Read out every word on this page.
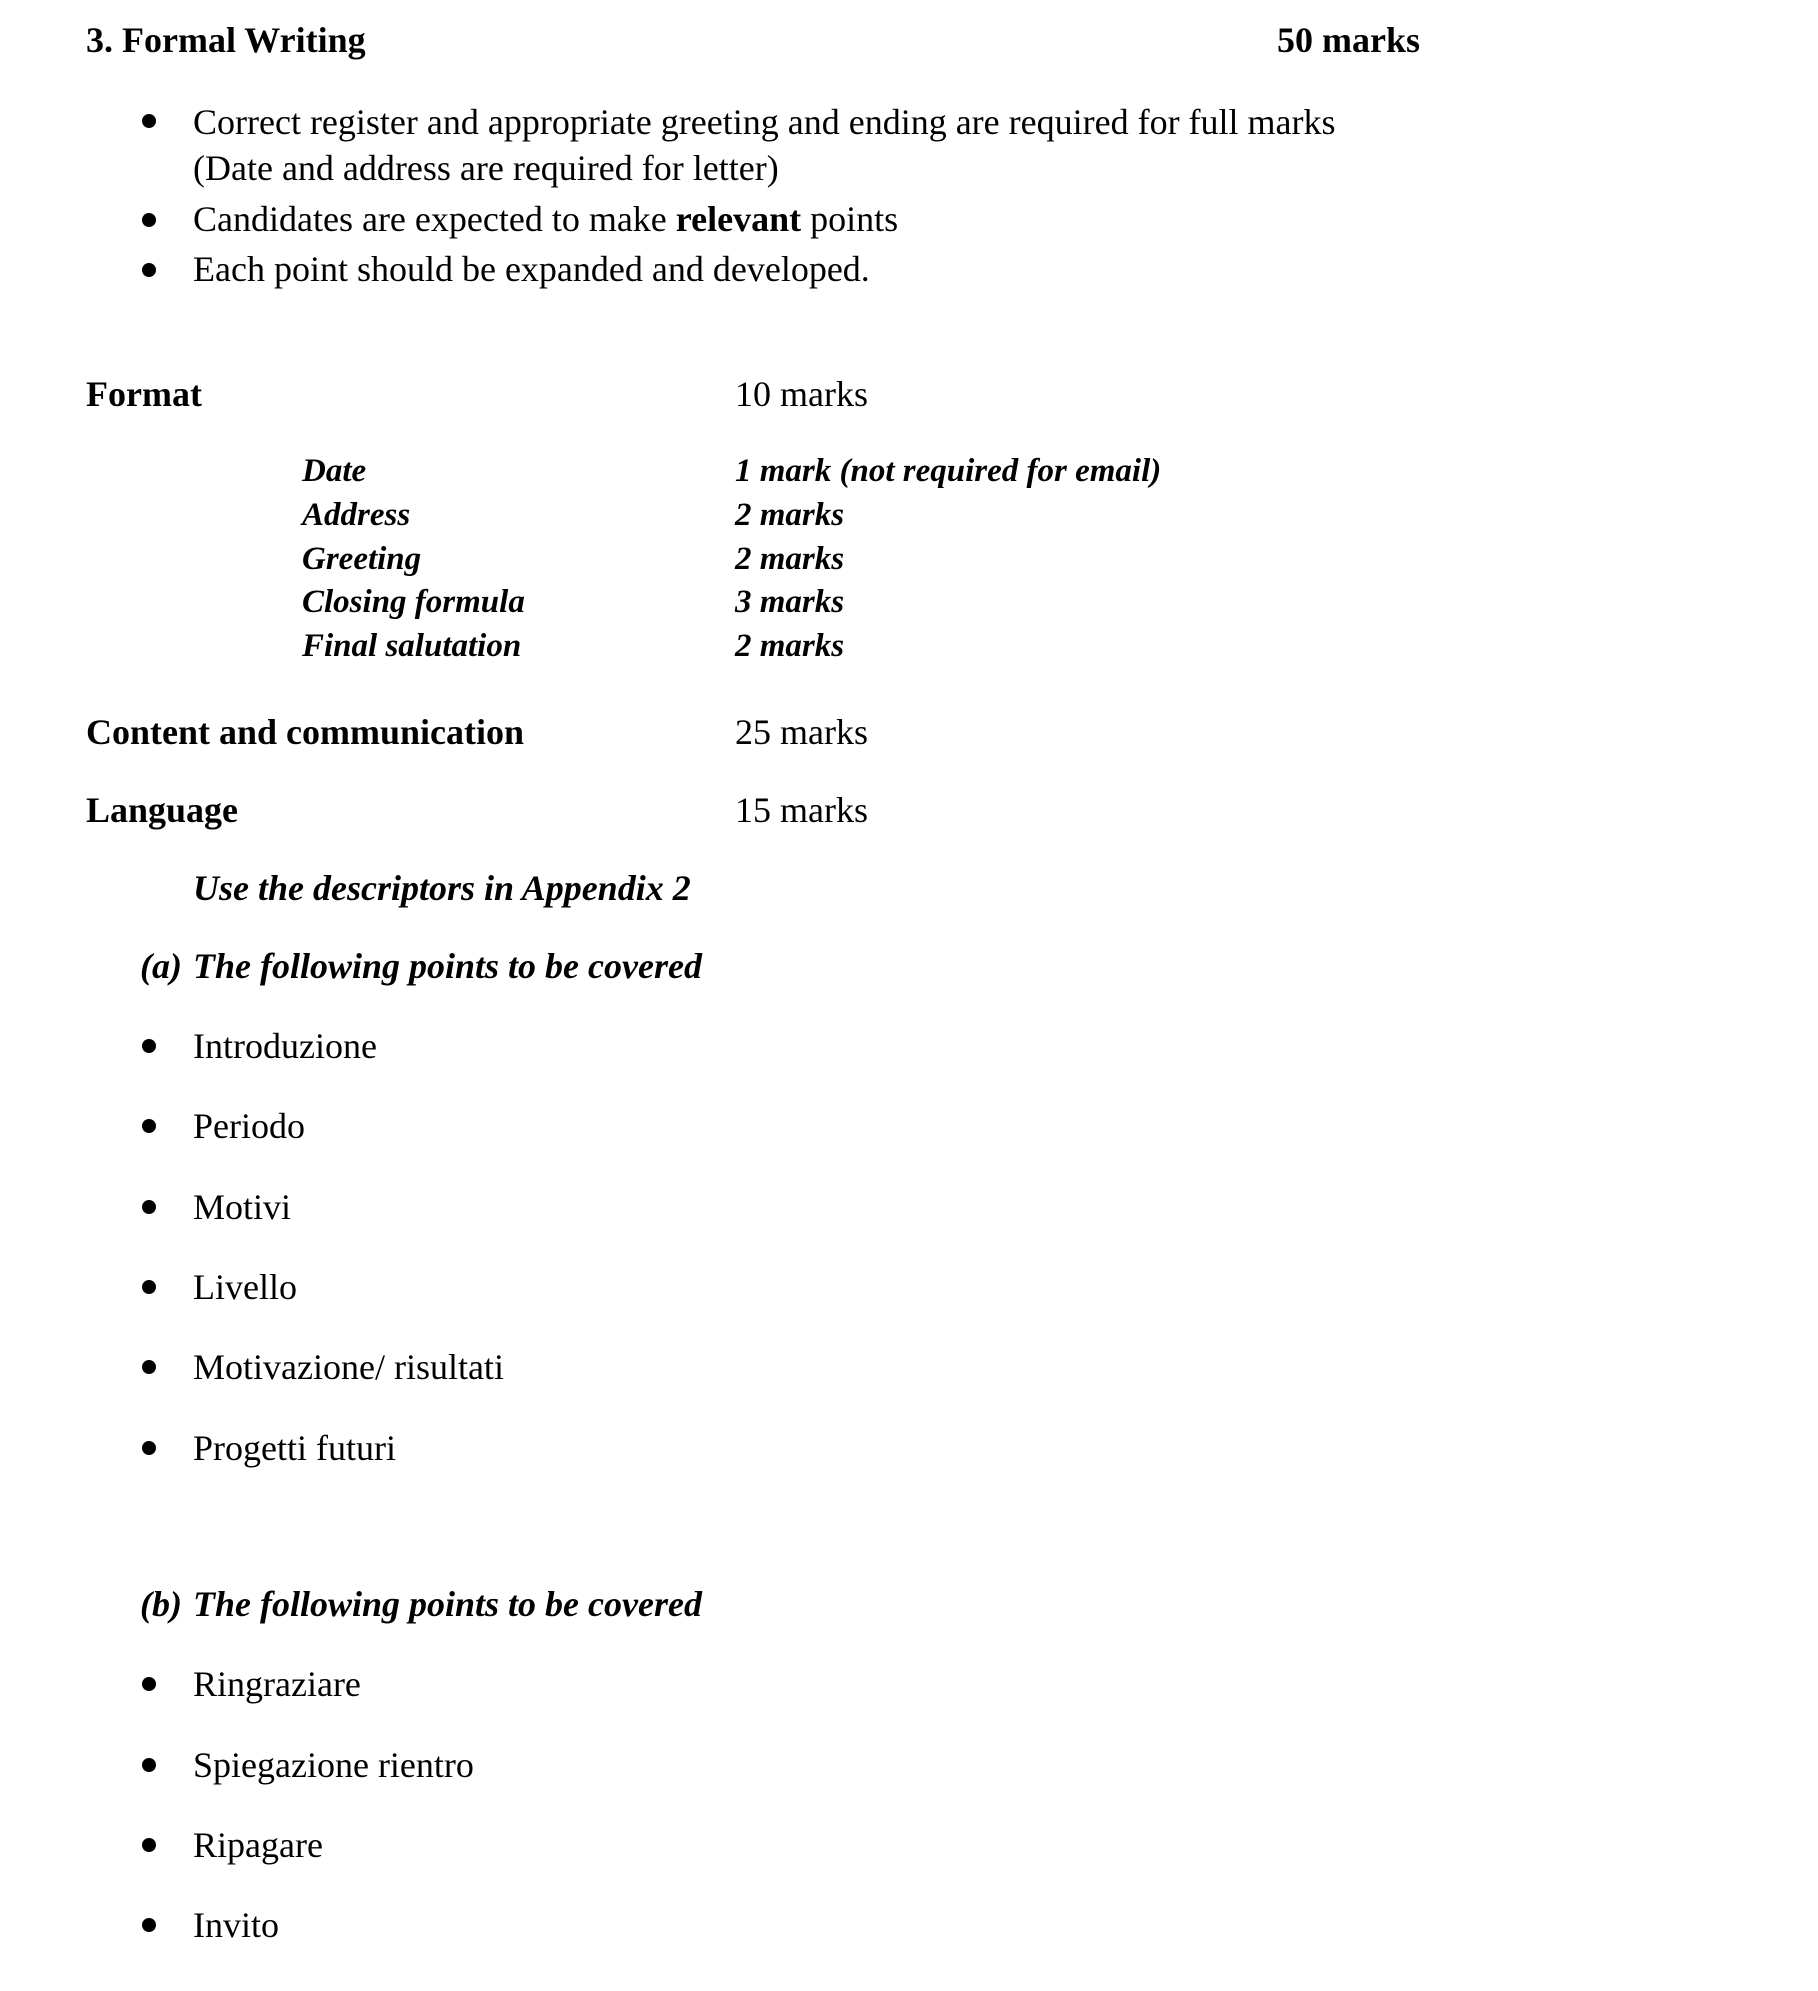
3. Formal Writing	50 marks
Correct register and appropriate greeting and ending are required for full marks
(Date and address are required for letter)
Candidates are expected to make relevant points
Each point should be expanded and developed.
Format	10 marks
Date	1 mark (not required for email)
Address	2 marks
Greeting	2 marks
Closing formula	3 marks
Final salutation	2 marks
Content and communication	25 marks
Language	15 marks
Use the descriptors in Appendix 2
(a) The following points to be covered
Introduzione
Periodo
Motivi
Livello
Motivazione/ risultati
Progetti futuri
(b) The following points to be covered
Ringraziare
Spiegazione rientro
Ripagare
Invito
